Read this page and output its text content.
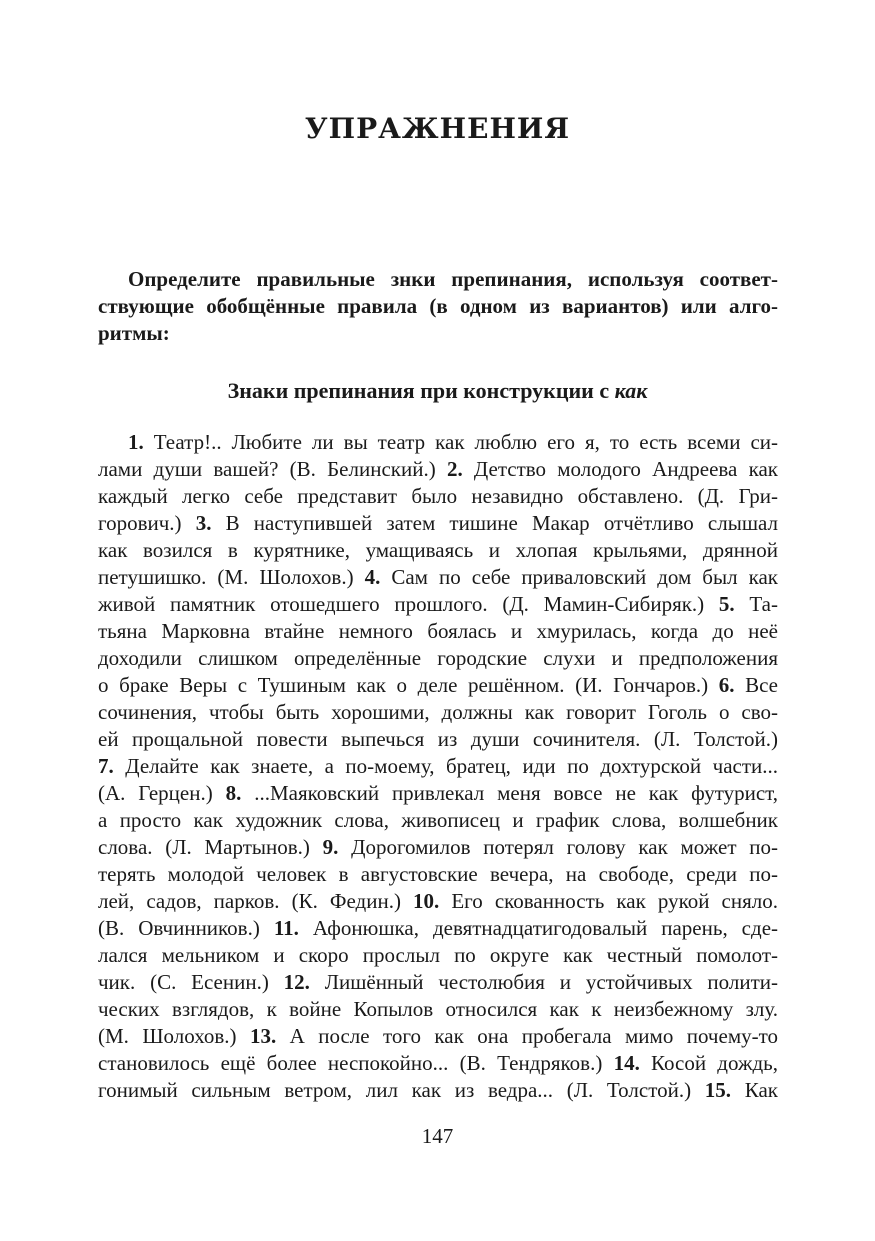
УПРАЖНЕНИЯ

Определите правильные знки препинания, используя соответ- ствующие обобщённые правила (в одном из вариантов) или алго- ритмы:

Знаки препинания при конструкции с как
1. Театр!.. Любите ли вы театр как люблю его я, то есть всеми си-
лами души вашей? (В. Белинский.) 2. Детство молодого Андреева как
каждый легко себе представит было незавидно обставлено. (Д. Гри-
горович.) 3. В наступившей затем тишине Макар отчётливо слышал
как возился в курятнике, умащиваясь и хлопая крыльями, дрянной
петушишко. (М. Шолохов.) 4. Сам по себе приваловский дом был как
живой памятник отошедшего прошлого. (Д. Мамин-Сибиряк.) 5. Та-
тьяна Марковна втайне немного боялась и хмурилась, когда до неё
доходили слишком определённые городские слухи и предположения
о браке Веры с Тушиным как о деле решённом. (И. Гончаров.) 6. Все
сочинения, чтобы быть хорошими, должны как говорит Гоголь о сво-
ей прощальной повести выпечься из души сочинителя. (Л. Толстой.)
7. Делайте как знаете, а по-моему, братец, иди по дохтурской части...
(А. Герцен.) 8. ...Маяковский привлекал меня вовсе не как футурист,
а просто как художник слова, живописец и график слова, волшебник
слова. (Л. Мартынов.) 9. Дорогомилов потерял голову как может по-
терять молодой человек в августовские вечера, на свободе, среди по-
лей, садов, парков. (К. Федин.) 10. Его скованность как рукой сняло.
(В. Овчинников.) 11. Афонюшка, девятнадцатигодовалый парень, сде-
лался мельником и скоро прослыл по округе как честный помолот-
чик. (С. Есенин.) 12. Лишённый честолюбия и устойчивых полити-
ческих взглядов, к войне Копылов относился как к неизбежному злу.
(М. Шолохов.) 13. А после того как она пробегала мимо почему-то
становилось ещё более неспокойно... (В. Тендряков.) 14. Косой дождь,
гонимый сильным ветром, лил как из ведра... (Л. Толстой.) 15. Как
147
